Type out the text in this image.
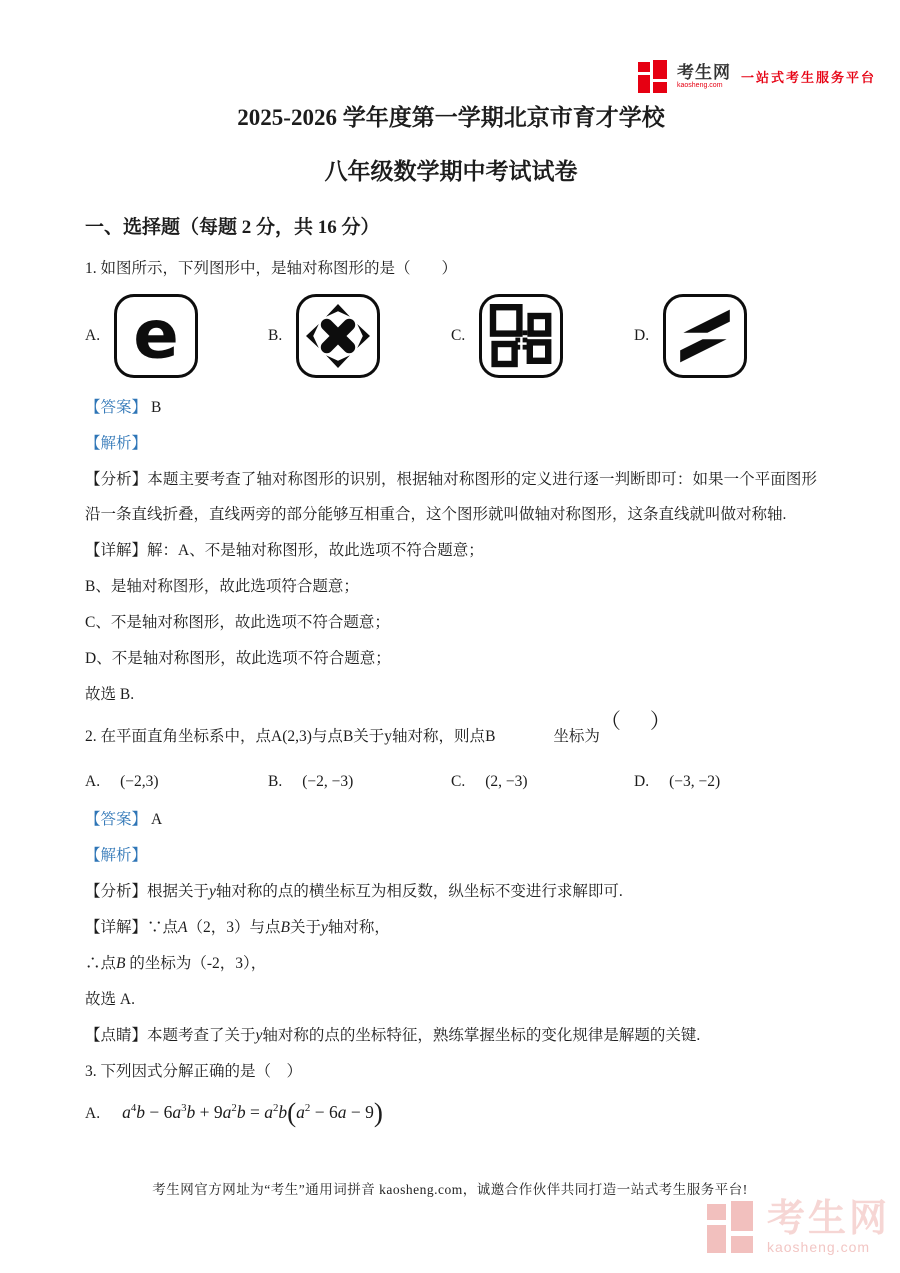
考生网
kaosheng.com
一站式考生服务平台
2025-2026 学年度第一学期北京市育才学校
八年级数学期中考试试卷
一、选择题（每题 2 分，共 16 分）

1. 如图所示，下列图形中，是轴对称图形的是（　　）

A. e	B.	C.	D.

【答案】 B

【解析】

【分析】本题主要考查了轴对称图形的识别，根据轴对称图形的定义进行逐一判断即可：如果一个平面图形沿一条直线折叠，直线两旁的部分能够互相重合，这个图形就叫做轴对称图形，这条直线就叫做对称轴.

【详解】解：A、不是轴对称图形，故此选项不符合题意；

B、是轴对称图形，故此选项符合题意；

C、不是轴对称图形，故此选项不符合题意；

D、不是轴对称图形，故此选项不符合题意；

故选 B.

2. 在平面直角坐标系中，点A(2,3)与点B关于y轴对称，则点B	坐标为（　）

A. (−2,3)	B. (−2, −3)	C. (2, −3)	D. (−3, −2)

【答案】 A

【解析】

【分析】根据关于y轴对称的点的横坐标互为相反数，纵坐标不变进行求解即可.

【详解】∵点A（2，3）与点B关于y轴对称，

∴点B 的坐标为（-2，3），

故选 A.

【点睛】本题考查了关于y轴对称的点的坐标特征，熟练掌握坐标的变化规律是解题的关键.

3. 下列因式分解正确的是（　）

A. $a^4b - 6a^3b + 9a^2b = a^2b(a^2 - 6a - 9)$

考生网官方网址为“考生”通用词拼音 kaosheng.com，诚邀合作伙伴共同打造一站式考生服务平台!
考生网
kaosheng.com
